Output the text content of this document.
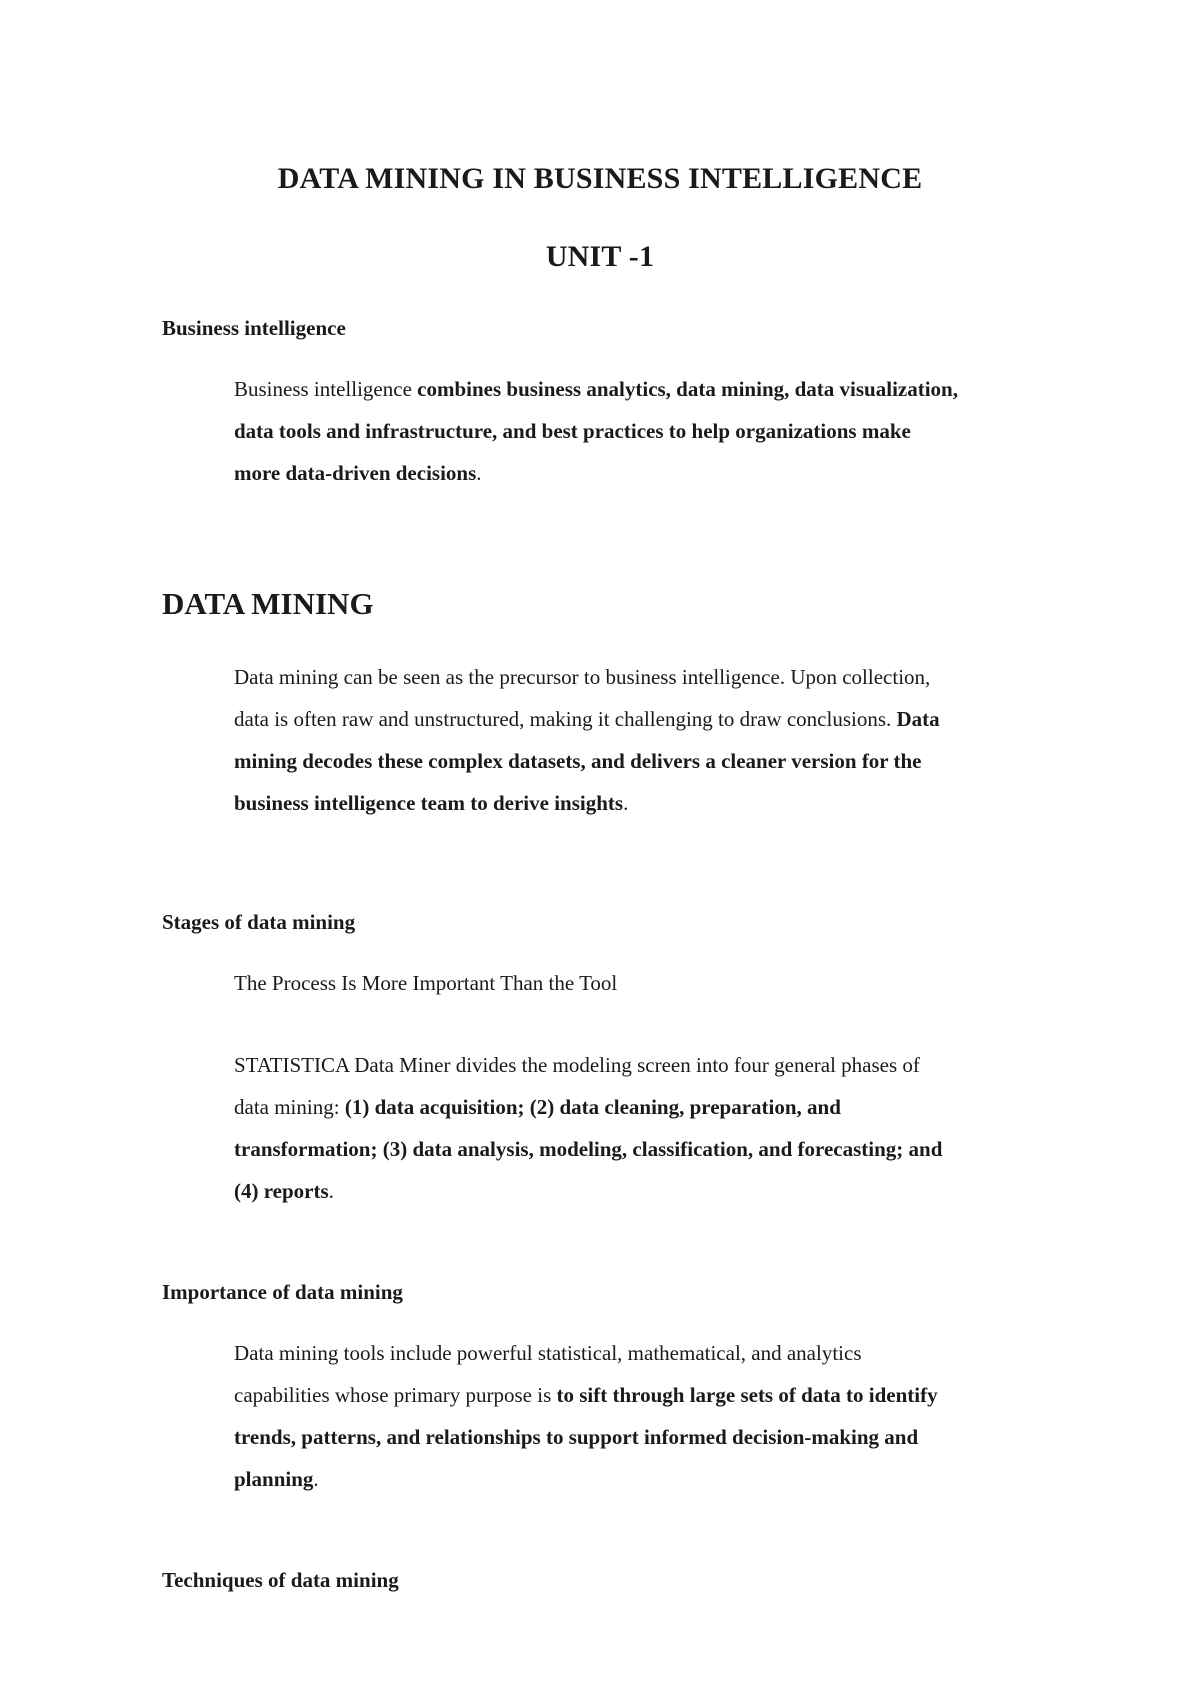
DATA MINING IN BUSINESS INTELLIGENCE
UNIT -1
Business intelligence
Business intelligence combines business analytics, data mining, data visualization,
data tools and infrastructure, and best practices to help organizations make
more data-driven decisions.
DATA MINING
Data mining can be seen as the precursor to business intelligence. Upon collection,
data is often raw and unstructured, making it challenging to draw conclusions. Data
mining decodes these complex datasets, and delivers a cleaner version for the
business intelligence team to derive insights.
Stages of data mining
The Process Is More Important Than the Tool
STATISTICA Data Miner divides the modeling screen into four general phases of
data mining: (1) data acquisition; (2) data cleaning, preparation, and
transformation; (3) data analysis, modeling, classification, and forecasting; and
(4) reports.
Importance of data mining
Data mining tools include powerful statistical, mathematical, and analytics
capabilities whose primary purpose is to sift through large sets of data to identify
trends, patterns, and relationships to support informed decision-making and
planning.
Techniques of data mining
